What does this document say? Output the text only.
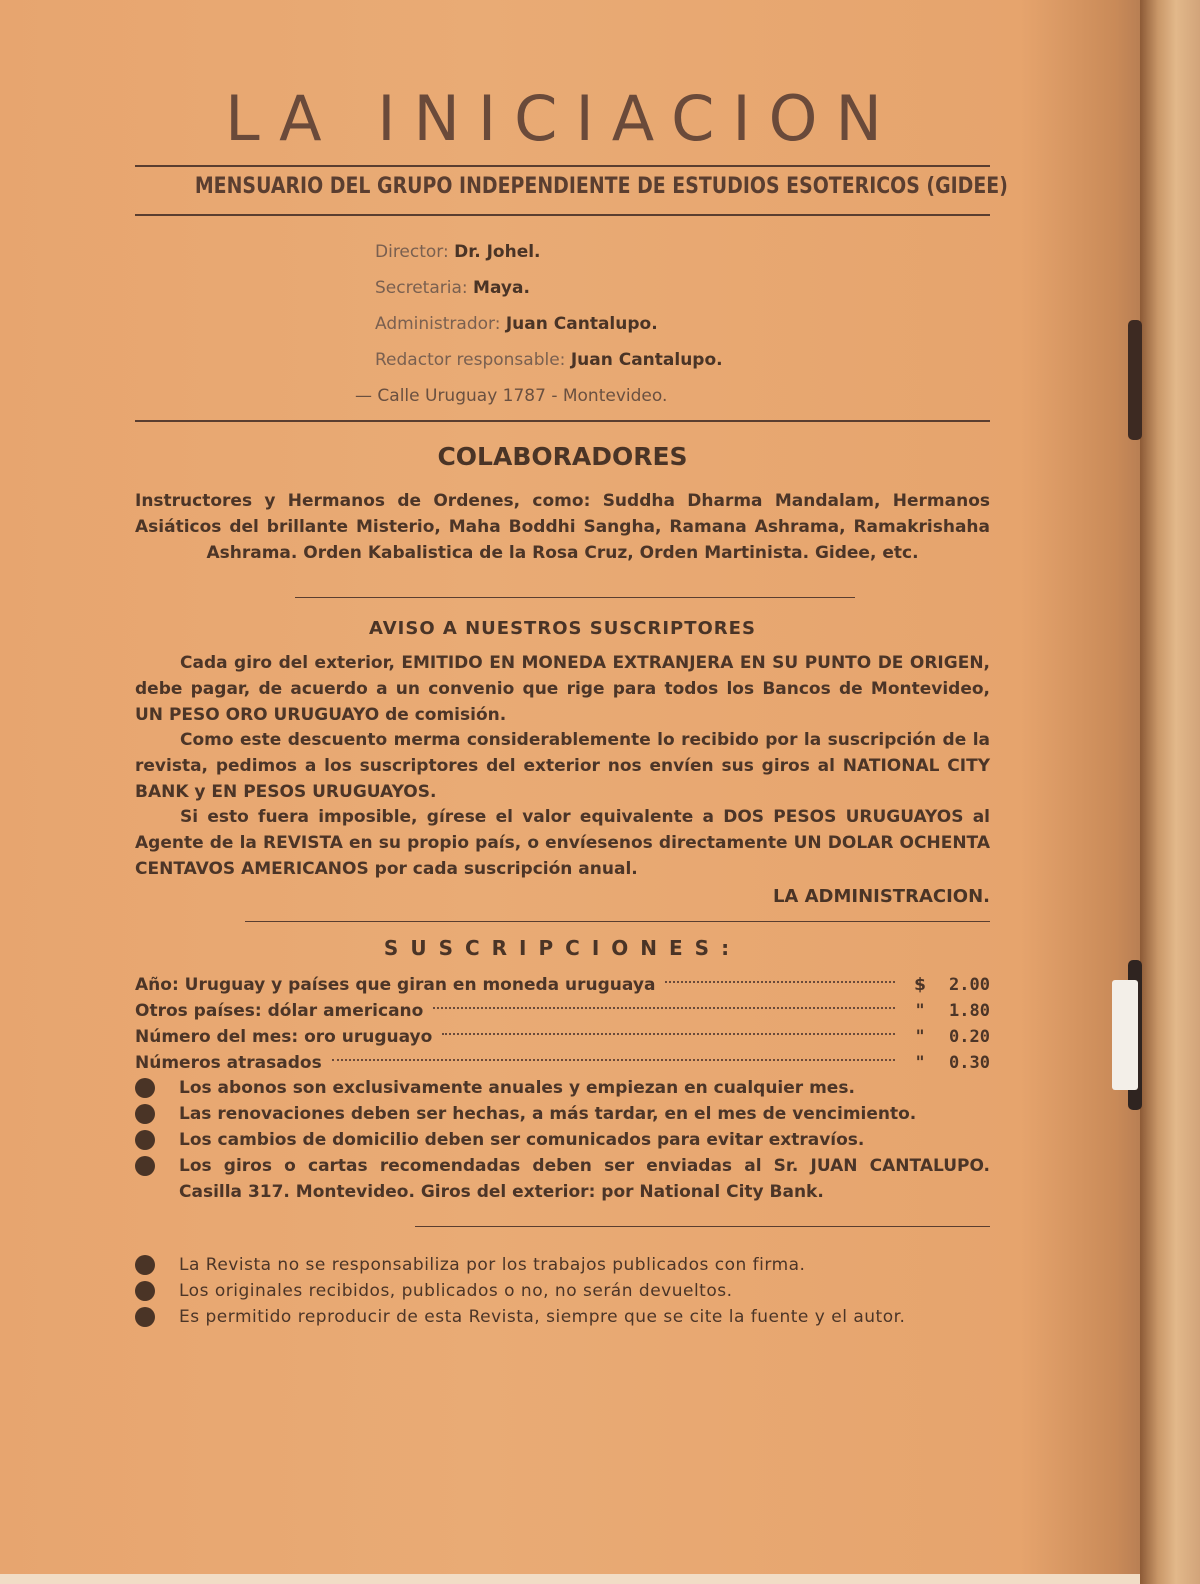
LA INICIACION
MENSUARIO DEL GRUPO INDEPENDIENTE DE ESTUDIOS ESOTERICOS (GIDEE)
Director: Dr. Johel.
Secretaria: Maya.
Administrador: Juan Cantalupo.
Redactor responsable: Juan Cantalupo.
— Calle Uruguay 1787 - Montevideo.
COLABORADORES
Instructores y Hermanos de Ordenes, como: Suddha Dharma Mandalam, Hermanos Asiáticos del brillante Misterio, Maha Boddhi Sangha, Ramana Ashrama, Ramakrishaha Ashrama. Orden Kabalistica de la Rosa Cruz, Orden Martinista. Gidee, etc.
AVISO A NUESTROS SUSCRIPTORES
Cada giro del exterior, EMITIDO EN MONEDA EXTRANJERA EN SU PUNTO DE ORIGEN, debe pagar, de acuerdo a un convenio que rige para todos los Bancos de Montevideo, UN PESO ORO URUGUAYO de comisión.
Como este descuento merma considerablemente lo recibido por la suscripción de la revista, pedimos a los suscriptores del exterior nos envíen sus giros al NATIONAL CITY BANK y EN PESOS URUGUAYOS.
Si esto fuera imposible, gírese el valor equivalente a DOS PESOS URUGUAYOS al Agente de la REVISTA en su propio país, o envíesenos directamente UN DOLAR OCHENTA CENTAVOS AMERICANOS por cada suscripción anual.
LA ADMINISTRACION.
SUSCRIPCIONES:
Año: Uruguay y países que giran en moneda uruguaya	$	2.00
Otros países: dólar americano	"	1.80
Número del mes: oro uruguayo	"	0.20
Números atrasados	"	0.30
Los abonos son exclusivamente anuales y empiezan en cualquier mes.
Las renovaciones deben ser hechas, a más tardar, en el mes de vencimiento.
Los cambios de domicilio deben ser comunicados para evitar extravíos.
Los giros o cartas recomendadas deben ser enviadas al Sr. JUAN CANTALUPO. Casilla 317. Montevideo. Giros del exterior: por National City Bank.
La Revista no se responsabiliza por los trabajos publicados con firma.
Los originales recibidos, publicados o no, no serán devueltos.
Es permitido reproducir de esta Revista, siempre que se cite la fuente y el autor.
